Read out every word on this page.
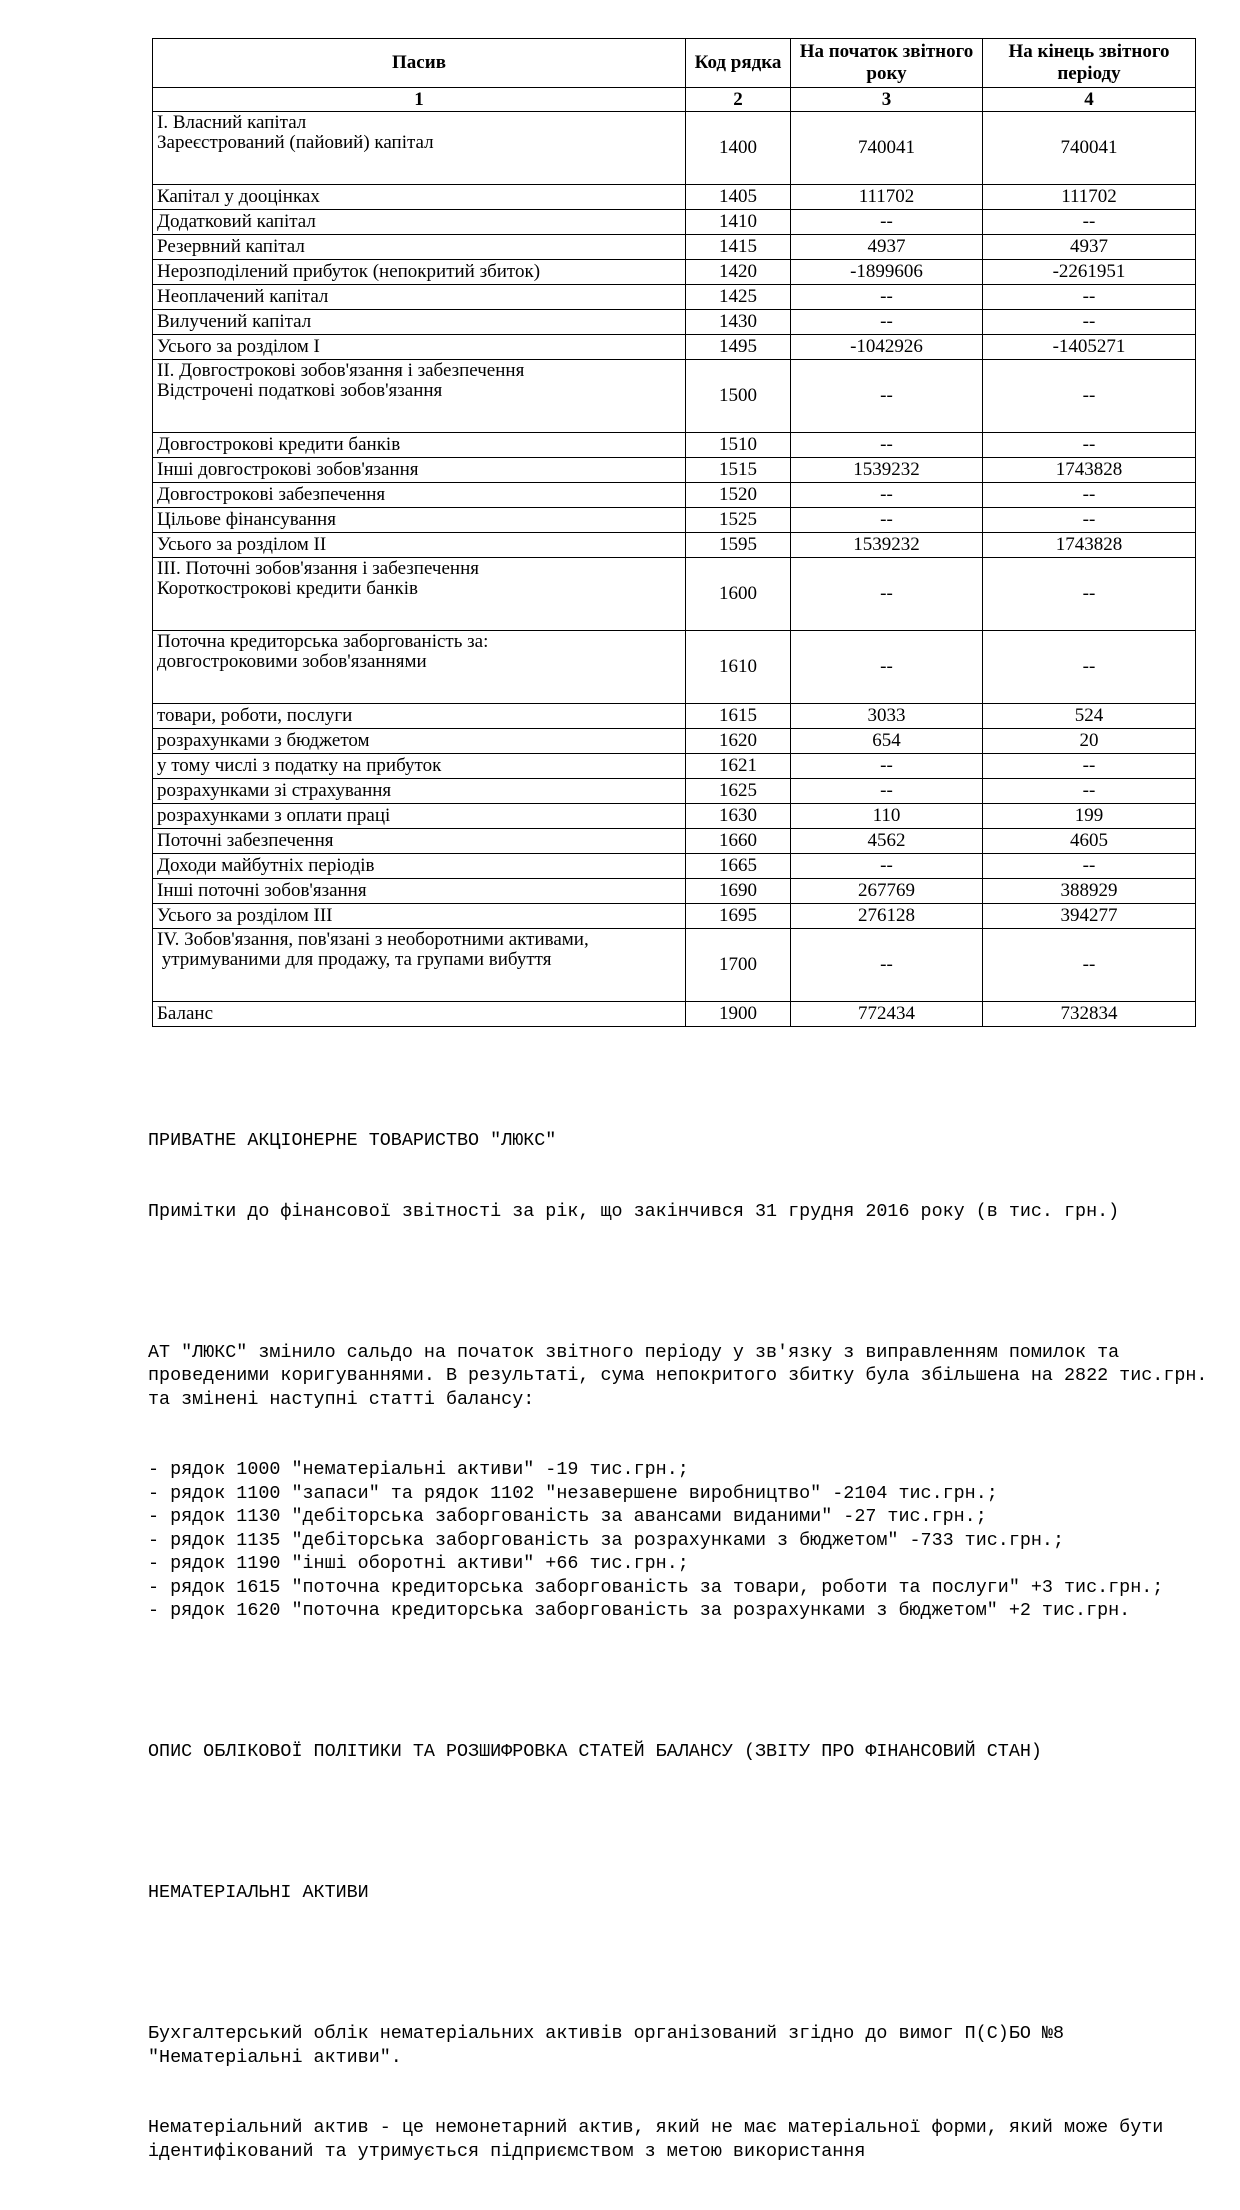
Пасив	Код рядка	На початок звітного року	На кінець звітного періоду
1	2	3	4

I. Власний капітал
Зареєстрований (пайовий) капітал	1400	740041	740041

Капітал у дооцінках	1405	111702	111702

Додатковий капітал	1410	--	--

Резервний капітал	1415	4937	4937

Нерозподілений прибуток (непокритий збиток)	1420	-1899606	-2261951

Неоплачений капітал	1425	--	--

Вилучений капітал	1430	--	--

Усього за розділом I	1495	-1042926	-1405271

II. Довгострокові зобов'язання і забезпечення
Відстрочені податкові зобов'язання	1500	--	--

Довгострокові кредити банків	1510	--	--

Інші довгострокові зобов'язання	1515	1539232	1743828

Довгострокові забезпечення	1520	--	--

Цільове фінансування	1525	--	--

Усього за розділом II	1595	1539232	1743828

III. Поточні зобов'язання і забезпечення
Короткострокові кредити банків	1600	--	--

Поточна кредиторська заборгованість за:
довгостроковими зобов'язаннями	1610	--	--

товари, роботи, послуги	1615	3033	524

розрахунками з бюджетом	1620	654	20

у тому числі з податку на прибуток	1621	--	--

розрахунками зі страхування	1625	--	--

розрахунками з оплати праці	1630	110	199

Поточні забезпечення	1660	4562	4605

Доходи майбутніх періодів	1665	--	--

Інші поточні зобов'язання	1690	267769	388929

Усього за розділом III	1695	276128	394277

IV. Зобов'язання, пов'язані з необоротними активами,
утримуваними для продажу, та групами вибуття	1700	--	--

Баланс	1900	772434	732834

ПРИВАТНЕ АКЦІОНЕРНЕ ТОВАРИСТВО "ЛЮКС"

Примітки до фінансової звітності за рік, що закінчився 31 грудня 2016 року (в тис. грн.)

АТ "ЛЮКС" змінило сальдо на початок звітного періоду у зв'язку з виправленням помилок та проведеними коригуваннями. В результаті, сума непокритого збитку була збільшена на 2822 тис.грн. та змінені наступні статті балансу:

- рядок 1000 "нематеріальні активи" -19 тис.грн.;

- рядок 1100 "запаси" та рядок 1102 "незавершене виробництво" -2104 тис.грн.;

- рядок 1130 "дебіторська заборгованість за авансами виданими" -27 тис.грн.;

- рядок 1135 "дебіторська заборгованість за розрахунками з бюджетом" -733 тис.грн.;

- рядок 1190 "інші оборотні активи" +66 тис.грн.;

- рядок 1615 "поточна кредиторська заборгованість за товари, роботи та послуги" +3 тис.грн.;

- рядок 1620 "поточна кредиторська заборгованість за розрахунками з бюджетом" +2 тис.грн.

ОПИС ОБЛІКОВОЇ ПОЛІТИКИ ТА РОЗШИФРОВКА СТАТЕЙ БАЛАНСУ (ЗВІТУ ПРО ФІНАНСОВИЙ СТАН)

НЕМАТЕРІАЛЬНІ АКТИВИ

Бухгалтерський облік нематеріальних активів організований згідно до вимог П(С)БО №8 "Нематеріальні активи".

Нематеріальний актив - це немонетарний актив, який не має матеріальної форми, який може бути ідентифікований та утримується підприємством з метою використання
